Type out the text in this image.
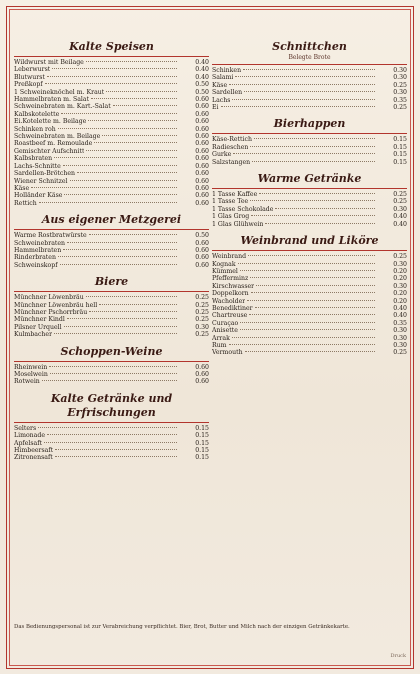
Kalte Speisen
Wildwurst mit Beilage	0.40
Leberwurst	0.40
Blutwurst	0.40
Preßkopf	0.50
1 Schweineknöchel m. Kraut	0.50
Hammelbraten m. Salat	0.60
Schweinebraten m. Kart.-Salat	0.60
Kalbskotelette	0.60
Ei.Kotelette m. Beilage	0.60
Schinken roh	0.60
Schweinebraten m. Beilage	0.60
Roastbeef m. Remoulade	0.60
Gemischter Aufschnitt	0.60
Kalbsbraten	0.60
Lachs-Schnitte	0.60
Sardellen-Brötchen	0.60
Wiener Schnitzel	0.60
Käse	0.60
Holländer Käse	0.60
Rettich	0.60
Aus eigener Metzgerei
Warme Rostbratwürste	0.50
Schweinebraten	0.60
Hammelbraten	0.60
Rinderbraten	0.60
Schweinskopf	0.60
Biere
Münchner Löwenbräu	0.25
Münchner Löwenbräu hell	0.25
Münchner Pschorrbräu	0.25
Münchner Kindl	0.25
Pilsner Urquell	0.30
Kulmbacher	0.25
Schoppen-Weine
Rheinwein	0.60
Moselwein	0.60
Rotwein	0.60
Kalte Getränke und Erfrischungen
Selters	0.15
Limonade	0.15
Apfelsaft	0.15
Himbeersaft	0.15
Zitronensaft	0.15
Schnittchen
Belegte Brote
Schinken	0.30
Salami	0.30
Käse	0.25
Sardellen	0.30
Lachs	0.35
Ei	0.25
Bierhappen
Käse-Rettich	0.15
Radieschen	0.15
Gurke	0.15
Salzstangen	0.15
Warme Getränke
1 Tasse Kaffee	0.25
1 Tasse Tee	0.25
1 Tasse Schokolade	0.30
1 Glas Grog	0.40
1 Glas Glühwein	0.40
Weinbrand und Liköre
Weinbrand	0.25
Kognak	0.30
Kümmel	0.20
Pfefferminz	0.20
Kirschwasser	0.30
Doppelkorn	0.20
Wacholder	0.20
Benediktiner	0.40
Chartreuse	0.40
Curaçao	0.35
Anisette	0.30
Arrak	0.30
Rum	0.30
Vermouth	0.25
Das Bedienungspersonal ist zur Verabreichung verpflichtet. Bier, Brot, Butter und Milch nach der einzigen Getränkekarte.
Druck
